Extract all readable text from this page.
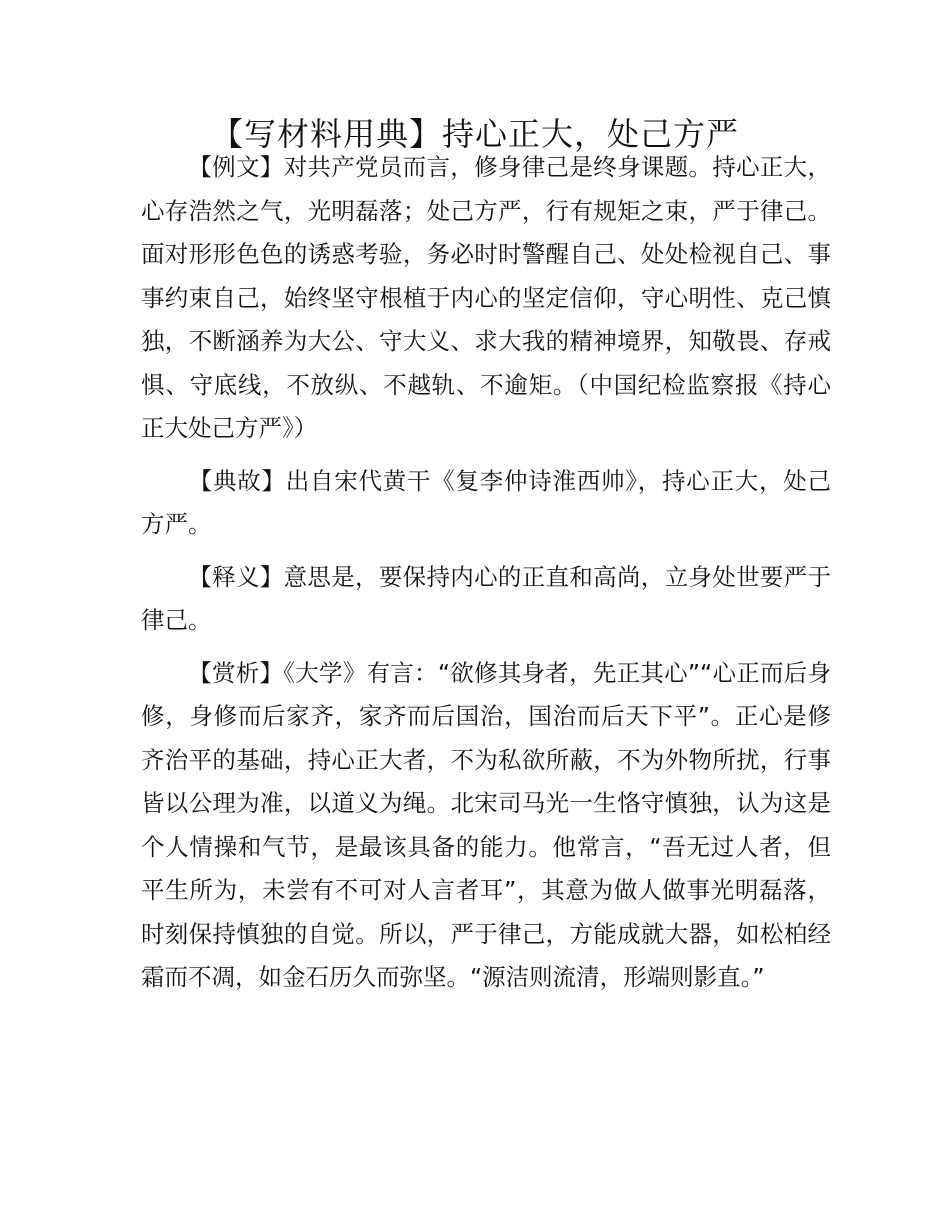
【写材料用典】持心正大，处己方严

【例文】对共产党员而言，修身律己是终身课题。持心正大，心存浩然之气，光明磊落；处己方严，行有规矩之束，严于律己。面对形形色色的诱惑考验，务必时时警醒自己、处处检视自己、事事约束自己，始终坚守根植于内心的坚定信仰，守心明性、克己慎独，不断涵养为大公、守大义、求大我的精神境界，知敬畏、存戒惧、守底线，不放纵、不越轨、不逾矩。（中国纪检监察报《持心正大处己方严》）

【典故】出自宋代黄干《复李仲诗淮西帅》，持心正大，处己方严。

【释义】意思是，要保持内心的正直和高尚，立身处世要严于律己。

【赏析】《大学》有言：“欲修其身者，先正其心”“心正而后身修，身修而后家齐，家齐而后国治，国治而后天下平”。正心是修齐治平的基础，持心正大者，不为私欲所蔽，不为外物所扰，行事皆以公理为准，以道义为绳。北宋司马光一生恪守慎独，认为这是个人情操和气节，是最该具备的能力。他常言，“吾无过人者，但平生所为，未尝有不可对人言者耳”，其意为做人做事光明磊落，时刻保持慎独的自觉。所以，严于律己，方能成就大器，如松柏经霜而不凋，如金石历久而弥坚。“源洁则流清，形端则影直。”
